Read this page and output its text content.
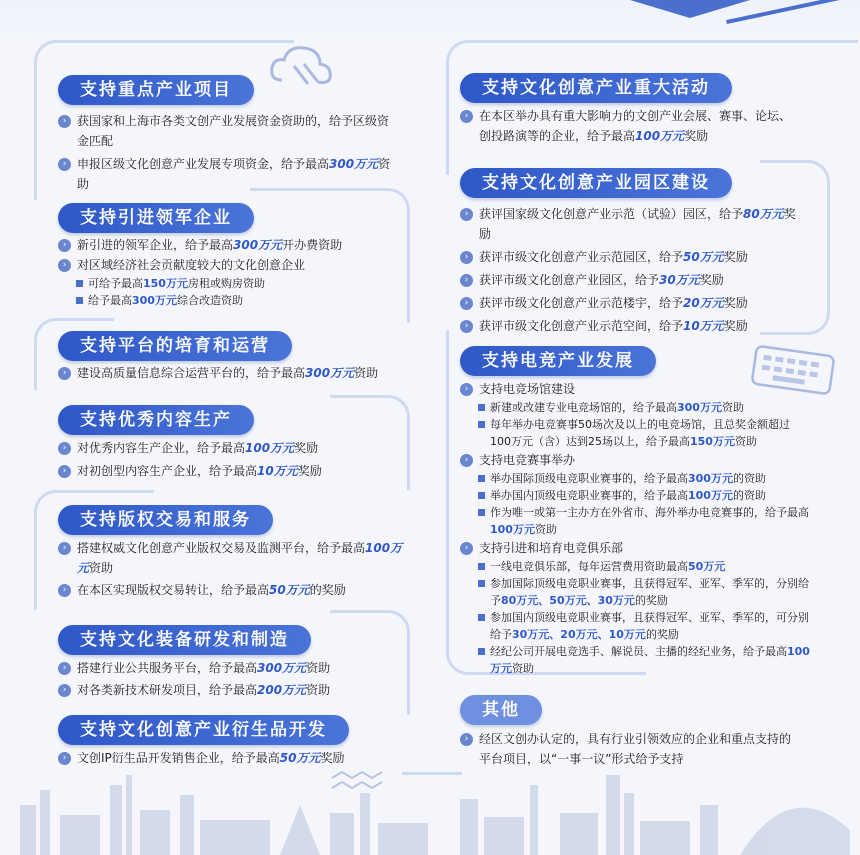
支持重点产业项目
› 获国家和上海市各类文创产业发展资金资助的，给予区级资金匹配
› 申报区级文化创意产业发展专项资金，给予最高300万元资助
支持引进领军企业
› 新引进的领军企业，给予最高300万元开办费资助
› 对区域经济社会贡献度较大的文化创意企业
可给予最高150万元房租或购房资助
给予最高300万元综合改造资助
支持平台的培育和运营
› 建设高质量信息综合运营平台的，给予最高300万元资助
支持优秀内容生产
› 对优秀内容生产企业，给予最高100万元奖励
› 对初创型内容生产企业，给予最高10万元奖励
支持版权交易和服务
› 搭建权威文化创意产业版权交易及监测平台，给予最高100万元资助
› 在本区实现版权交易转让，给予最高50万元的奖励
支持文化装备研发和制造
› 搭建行业公共服务平台，给予最高300万元资助
› 对各类新技术研发项目，给予最高200万元资助
支持文化创意产业衍生品开发
› 文创IP衍生品开发销售企业，给予最高50万元奖励
支持文化创意产业重大活动
› 在本区举办具有重大影响力的文创产业会展、赛事、论坛、创投路演等的企业，给予最高100万元奖励
支持文化创意产业园区建设
› 获评国家级文化创意产业示范（试验）园区，给予80万元奖励
› 获评市级文化创意产业示范园区，给予50万元奖励
› 获评市级文化创意产业园区，给予30万元奖励
› 获评市级文化创意产业示范楼宇，给予20万元奖励
› 获评市级文化创意产业示范空间，给予10万元奖励
支持电竞产业发展
› 支持电竞场馆建设
新建或改建专业电竞场馆的，给予最高300万元资助
每年举办电竞赛事50场次及以上的电竞场馆，且总奖金额超过100万元（含）达到25场以上，给予最高150万元资助
› 支持电竞赛事举办
举办国际顶级电竞职业赛事的，给予最高300万元的资助
举办国内顶级电竞职业赛事的，给予最高100万元的资助
作为唯一或第一主办方在外省市、海外举办电竞赛事的，给予最高100万元资助
› 支持引进和培育电竞俱乐部
一线电竞俱乐部，每年运营费用资助最高50万元
参加国际顶级电竞职业赛事，且获得冠军、亚军、季军的，分别给予80万元、50万元、30万元的奖励
参加国内顶级电竞职业赛事，且获得冠军、亚军、季军的，可分别给予30万元、20万元、10万元的奖励
经纪公司开展电竞选手、解说员、主播的经纪业务，给予最高100万元资助
其他
› 经区文创办认定的，具有行业引领效应的企业和重点支持的平台项目，以“一事一议”形式给予支持
